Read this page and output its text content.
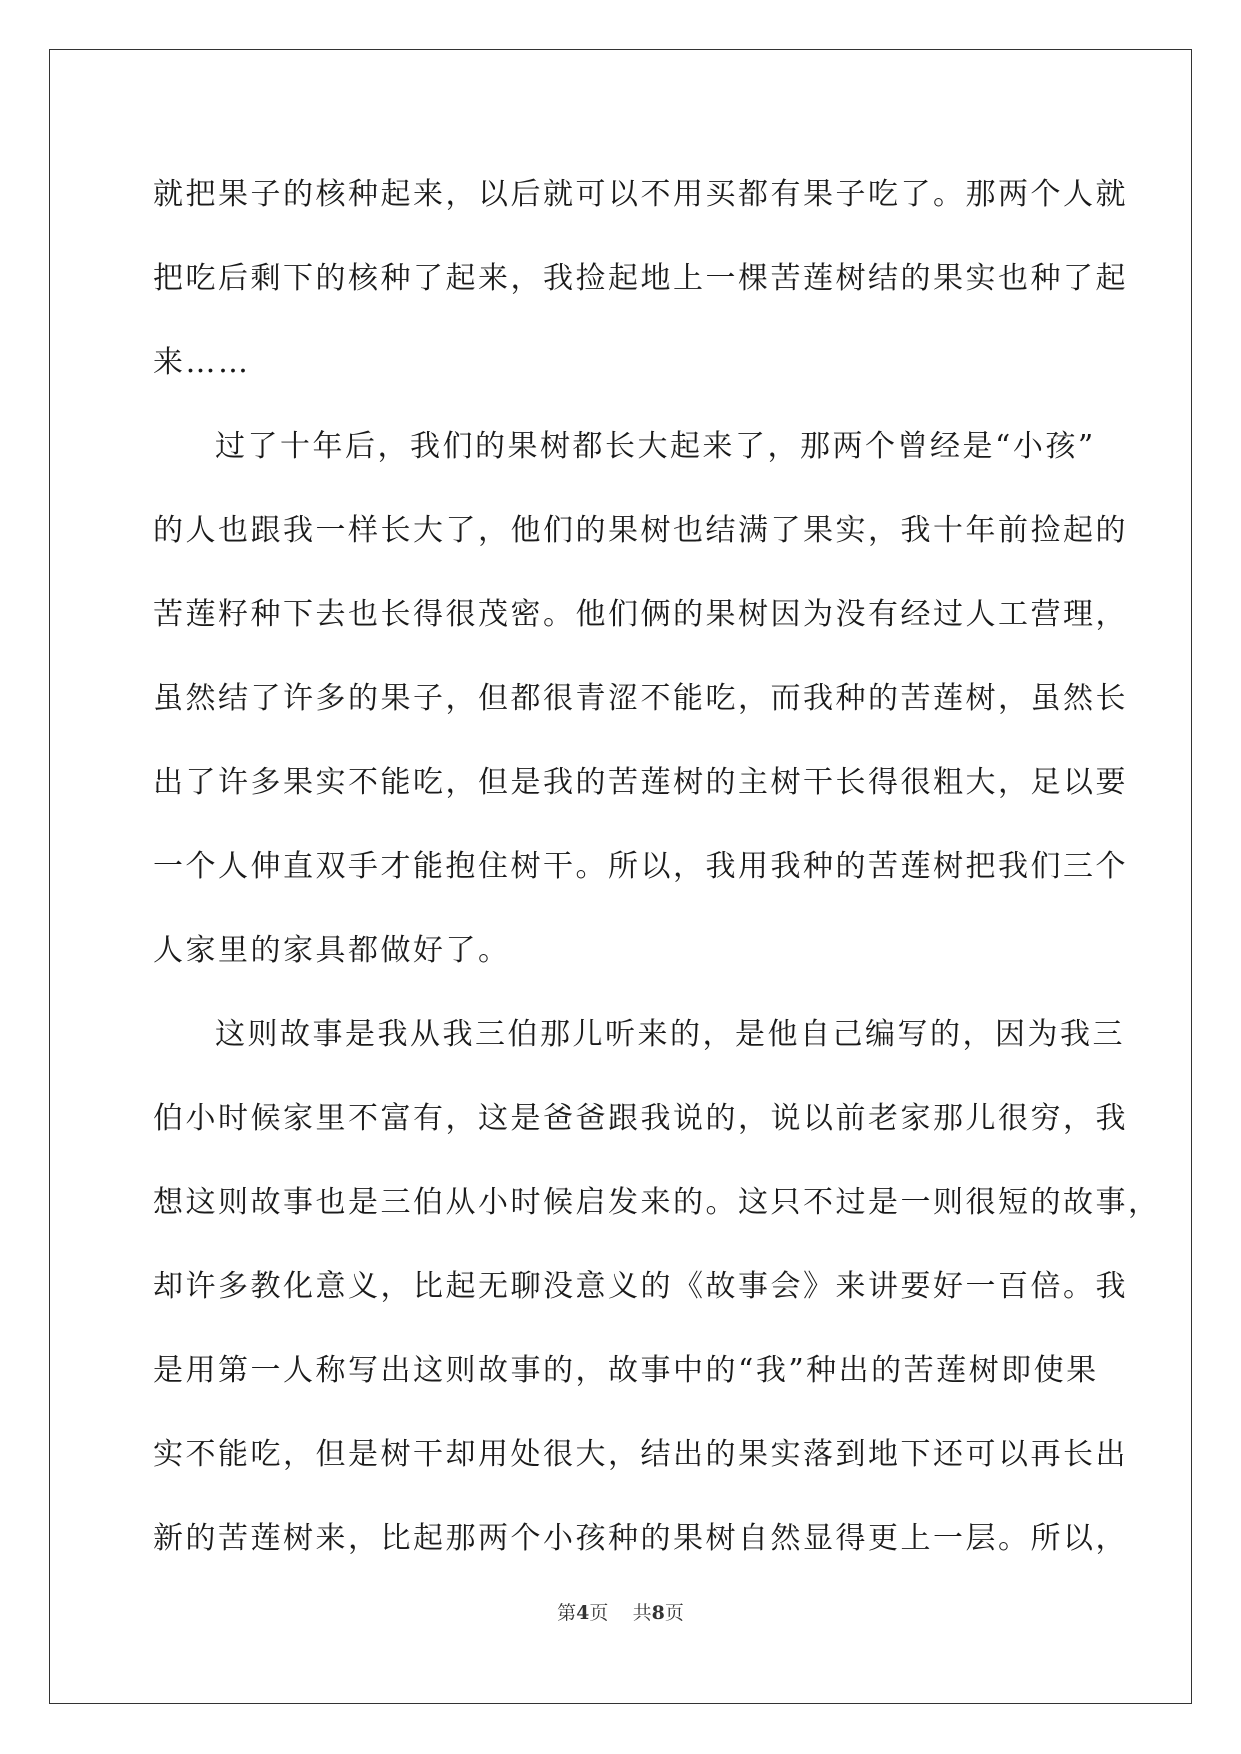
就把果子的核种起来，以后就可以不用买都有果子吃了。那两个人就
把吃后剩下的核种了起来，我捡起地上一棵苦莲树结的果实也种了起
来……
过了十年后，我们的果树都长大起来了，那两个曾经是“小孩”
的人也跟我一样长大了，他们的果树也结满了果实，我十年前捡起的
苦莲籽种下去也长得很茂密。他们俩的果树因为没有经过人工营理，
虽然结了许多的果子，但都很青涩不能吃，而我种的苦莲树，虽然长
出了许多果实不能吃，但是我的苦莲树的主树干长得很粗大，足以要
一个人伸直双手才能抱住树干。所以，我用我种的苦莲树把我们三个
人家里的家具都做好了。
这则故事是我从我三伯那儿听来的，是他自己编写的，因为我三
伯小时候家里不富有，这是爸爸跟我说的，说以前老家那儿很穷，我
想这则故事也是三伯从小时候启发来的。这只不过是一则很短的故事，
却许多教化意义，比起无聊没意义的《故事会》来讲要好一百倍。我
是用第一人称写出这则故事的，故事中的“我”种出的苦莲树即使果
实不能吃，但是树干却用处很大，结出的果实落到地下还可以再长出
新的苦莲树来，比起那两个小孩种的果树自然显得更上一层。所以，
第4页 共8页
